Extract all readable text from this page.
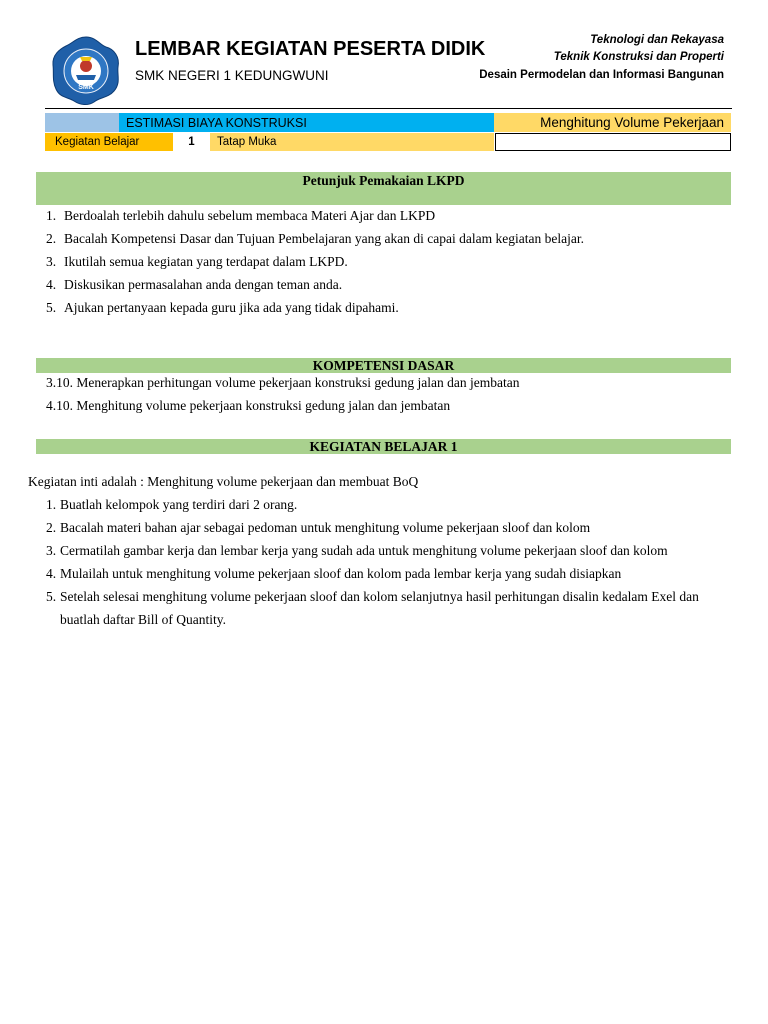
SMK
LEMBAR KEGIATAN PESERTA DIDIK
SMK NEGERI 1 KEDUNGWUNI
Teknologi dan Rekayasa
Teknik Konstruksi dan Properti
Desain Permodelan dan Informasi Bangunan
ESTIMASI BIAYA KONSTRUKSI	Menghitung Volume Pekerjaan
Kegiatan Belajar	1 Tatap Muka
Petunjuk Pemakaian LKPD
1. Berdoalah terlebih dahulu sebelum membaca Materi Ajar dan LKPD
2. Bacalah Kompetensi Dasar dan Tujuan Pembelajaran yang akan di capai dalam kegiatan belajar.
3. Ikutilah semua kegiatan yang terdapat dalam LKPD.
4. Diskusikan permasalahan anda dengan teman anda.
5. Ajukan pertanyaan kepada guru jika ada yang tidak dipahami.
KOMPETENSI DASAR
3.10. Menerapkan perhitungan volume pekerjaan konstruksi gedung jalan dan jembatan
4.10. Menghitung volume pekerjaan konstruksi gedung jalan dan jembatan
KEGIATAN BELAJAR 1
Kegiatan inti adalah : Menghitung volume pekerjaan dan membuat BoQ
1. Buatlah kelompok yang terdiri dari 2 orang.
2. Bacalah materi bahan ajar sebagai pedoman untuk menghitung volume pekerjaan sloof dan kolom
3. Cermatilah gambar kerja dan lembar kerja yang sudah ada untuk menghitung volume pekerjaan sloof dan kolom
4. Mulailah untuk menghitung volume pekerjaan sloof dan kolom pada lembar kerja yang sudah disiapkan
5. Setelah selesai menghitung volume pekerjaan sloof dan kolom selanjutnya hasil perhitungan disalin kedalam Exel dan buatlah daftar Bill of Quantity.
